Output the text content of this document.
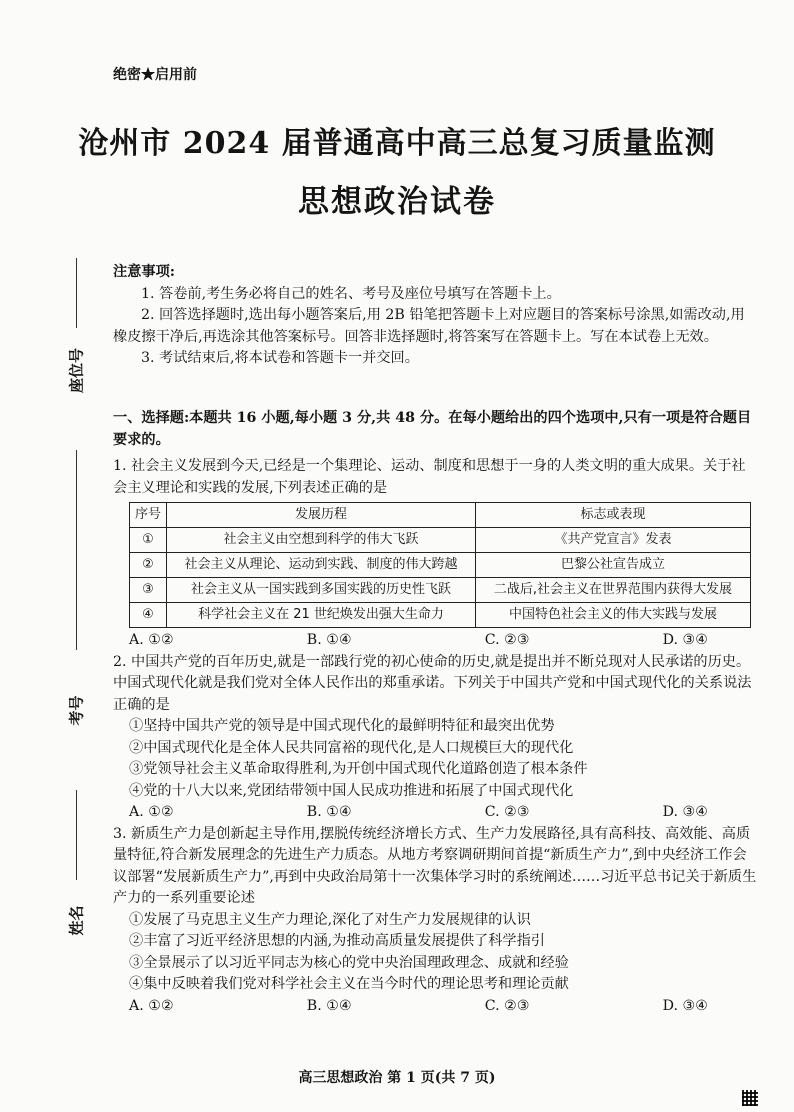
绝密★启用前
沧州市 2024 届普通高中高三总复习质量监测
思想政治试卷
座位号
考号
姓名

注意事项:

1. 答卷前,考生务必将自己的姓名、考号及座位号填写在答题卡上。

2. 回答选择题时,选出每小题答案后,用 2B 铅笔把答题卡上对应题目的答案标号涂黑,如需改动,用橡皮擦干净后,再选涂其他答案标号。回答非选择题时,将答案写在答题卡上。写在本试卷上无效。

3. 考试结束后,将本试卷和答题卡一并交回。

一、选择题:本题共 16 小题,每小题 3 分,共 48 分。在每小题给出的四个选项中,只有一项是符合题目要求的。

1. 社会主义发展到今天,已经是一个集理论、运动、制度和思想于一身的人类文明的重大成果。关于社会主义理论和实践的发展,下列表述正确的是

序号	发展历程	标志或表现
①	社会主义由空想到科学的伟大飞跃	《共产党宣言》发表
②	社会主义从理论、运动到实践、制度的伟大跨越	巴黎公社宣告成立
③	社会主义从一国实践到多国实践的历史性飞跃	二战后,社会主义在世界范围内获得大发展
④	科学社会主义在 21 世纪焕发出强大生命力	中国特色社会主义的伟大实践与发展
A. ①②	B. ①④	C. ②③	D. ③④

2. 中国共产党的百年历史,就是一部践行党的初心使命的历史,就是提出并不断兑现对人民承诺的历史。中国式现代化就是我们党对全体人民作出的郑重承诺。下列关于中国共产党和中国式现代化的关系说法正确的是

①坚持中国共产党的领导是中国式现代化的最鲜明特征和最突出优势

②中国式现代化是全体人民共同富裕的现代化,是人口规模巨大的现代化

③党领导社会主义革命取得胜利,为开创中国式现代化道路创造了根本条件

④党的十八大以来,党团结带领中国人民成功推进和拓展了中国式现代化

A. ①②	B. ①④	C. ②③	D. ③④

3. 新质生产力是创新起主导作用,摆脱传统经济增长方式、生产力发展路径,具有高科技、高效能、高质量特征,符合新发展理念的先进生产力质态。从地方考察调研期间首提“新质生产力”,到中央经济工作会议部署“发展新质生产力”,再到中央政治局第十一次集体学习时的系统阐述……习近平总书记关于新质生产力的一系列重要论述

①发展了马克思主义生产力理论,深化了对生产力发展规律的认识

②丰富了习近平经济思想的内涵,为推动高质量发展提供了科学指引

③全景展示了以习近平同志为核心的党中央治国理政理念、成就和经验

④集中反映着我们党对科学社会主义在当今时代的理论思考和理论贡献

A. ①②	B. ①④	C. ②③	D. ③④
高三思想政治 第 1 页(共 7 页)
